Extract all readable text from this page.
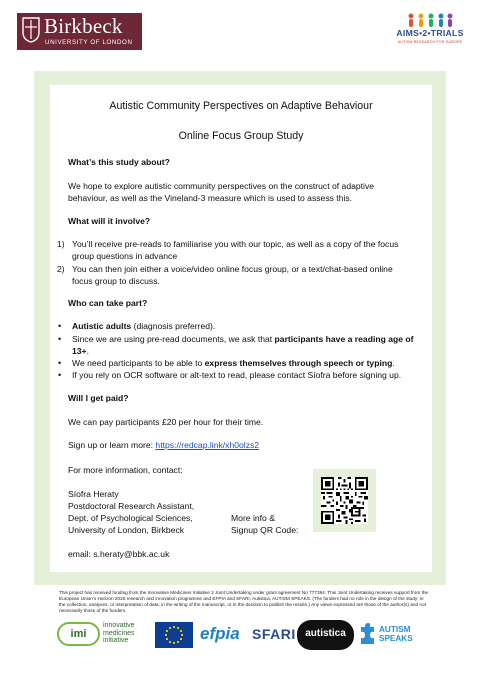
Birkbeck
UNIVERSITY OF LONDON
AIMS•2•TRIALS
AUTISM RESEARCH FOR EUROPE
Autistic Community Perspectives on Adaptive Behaviour
Online Focus Group Study
What’s this study about?
We hope to explore autistic community perspectives on the construct of adaptive
behaviour, as well as the Vineland-3 measure which is used to assess this.
What will it involve?
1) You’ll receive pre-reads to familiarise you with our topic, as well as a copy of the focus
group questions in advance
2) You can then join either a voice/video online focus group, or a text/chat-based online
focus group to discuss.
Who can take part?
• Autistic adults (diagnosis preferred).
• Since we are using pre-read documents, we ask that participants have a reading age of
13+.
• We need participants to be able to express themselves through speech or typing.
• If you rely on OCR software or alt-text to read, please contact Síofra before signing up.
Will I get paid?
We can pay participants £20 per hour for their time.
Sign up or learn more: https://redcap.link/xh0olzs2
For more information, contact:
Síofra Heraty
Postdoctoral Research Assistant,
Dept. of Psychological Sciences,
University of London, Birkbeck
More info &
Signup QR Code:
email: s.heraty@bbk.ac.uk
This project has received funding from the Innovative Medicines Initiative 2 Joint Undertaking under grant agreement No 777394. This Joint Undertaking receives support from the European Union’s Horizon 2020 research and innovation programme and EFPIA and SFARI, Autistica, AUTISM SPEAKS. (The funders had no role in the design of the study; in the collection, analyses, or interpretation of data; in the writing of the manuscript, or in the decision to publish the results.) Any views expressed are those of the author(s) and not necessarily those of the funders.
imi
innovative
medicines
initiative	efpia SFARI autistica	AUTISM
SPEAKS
